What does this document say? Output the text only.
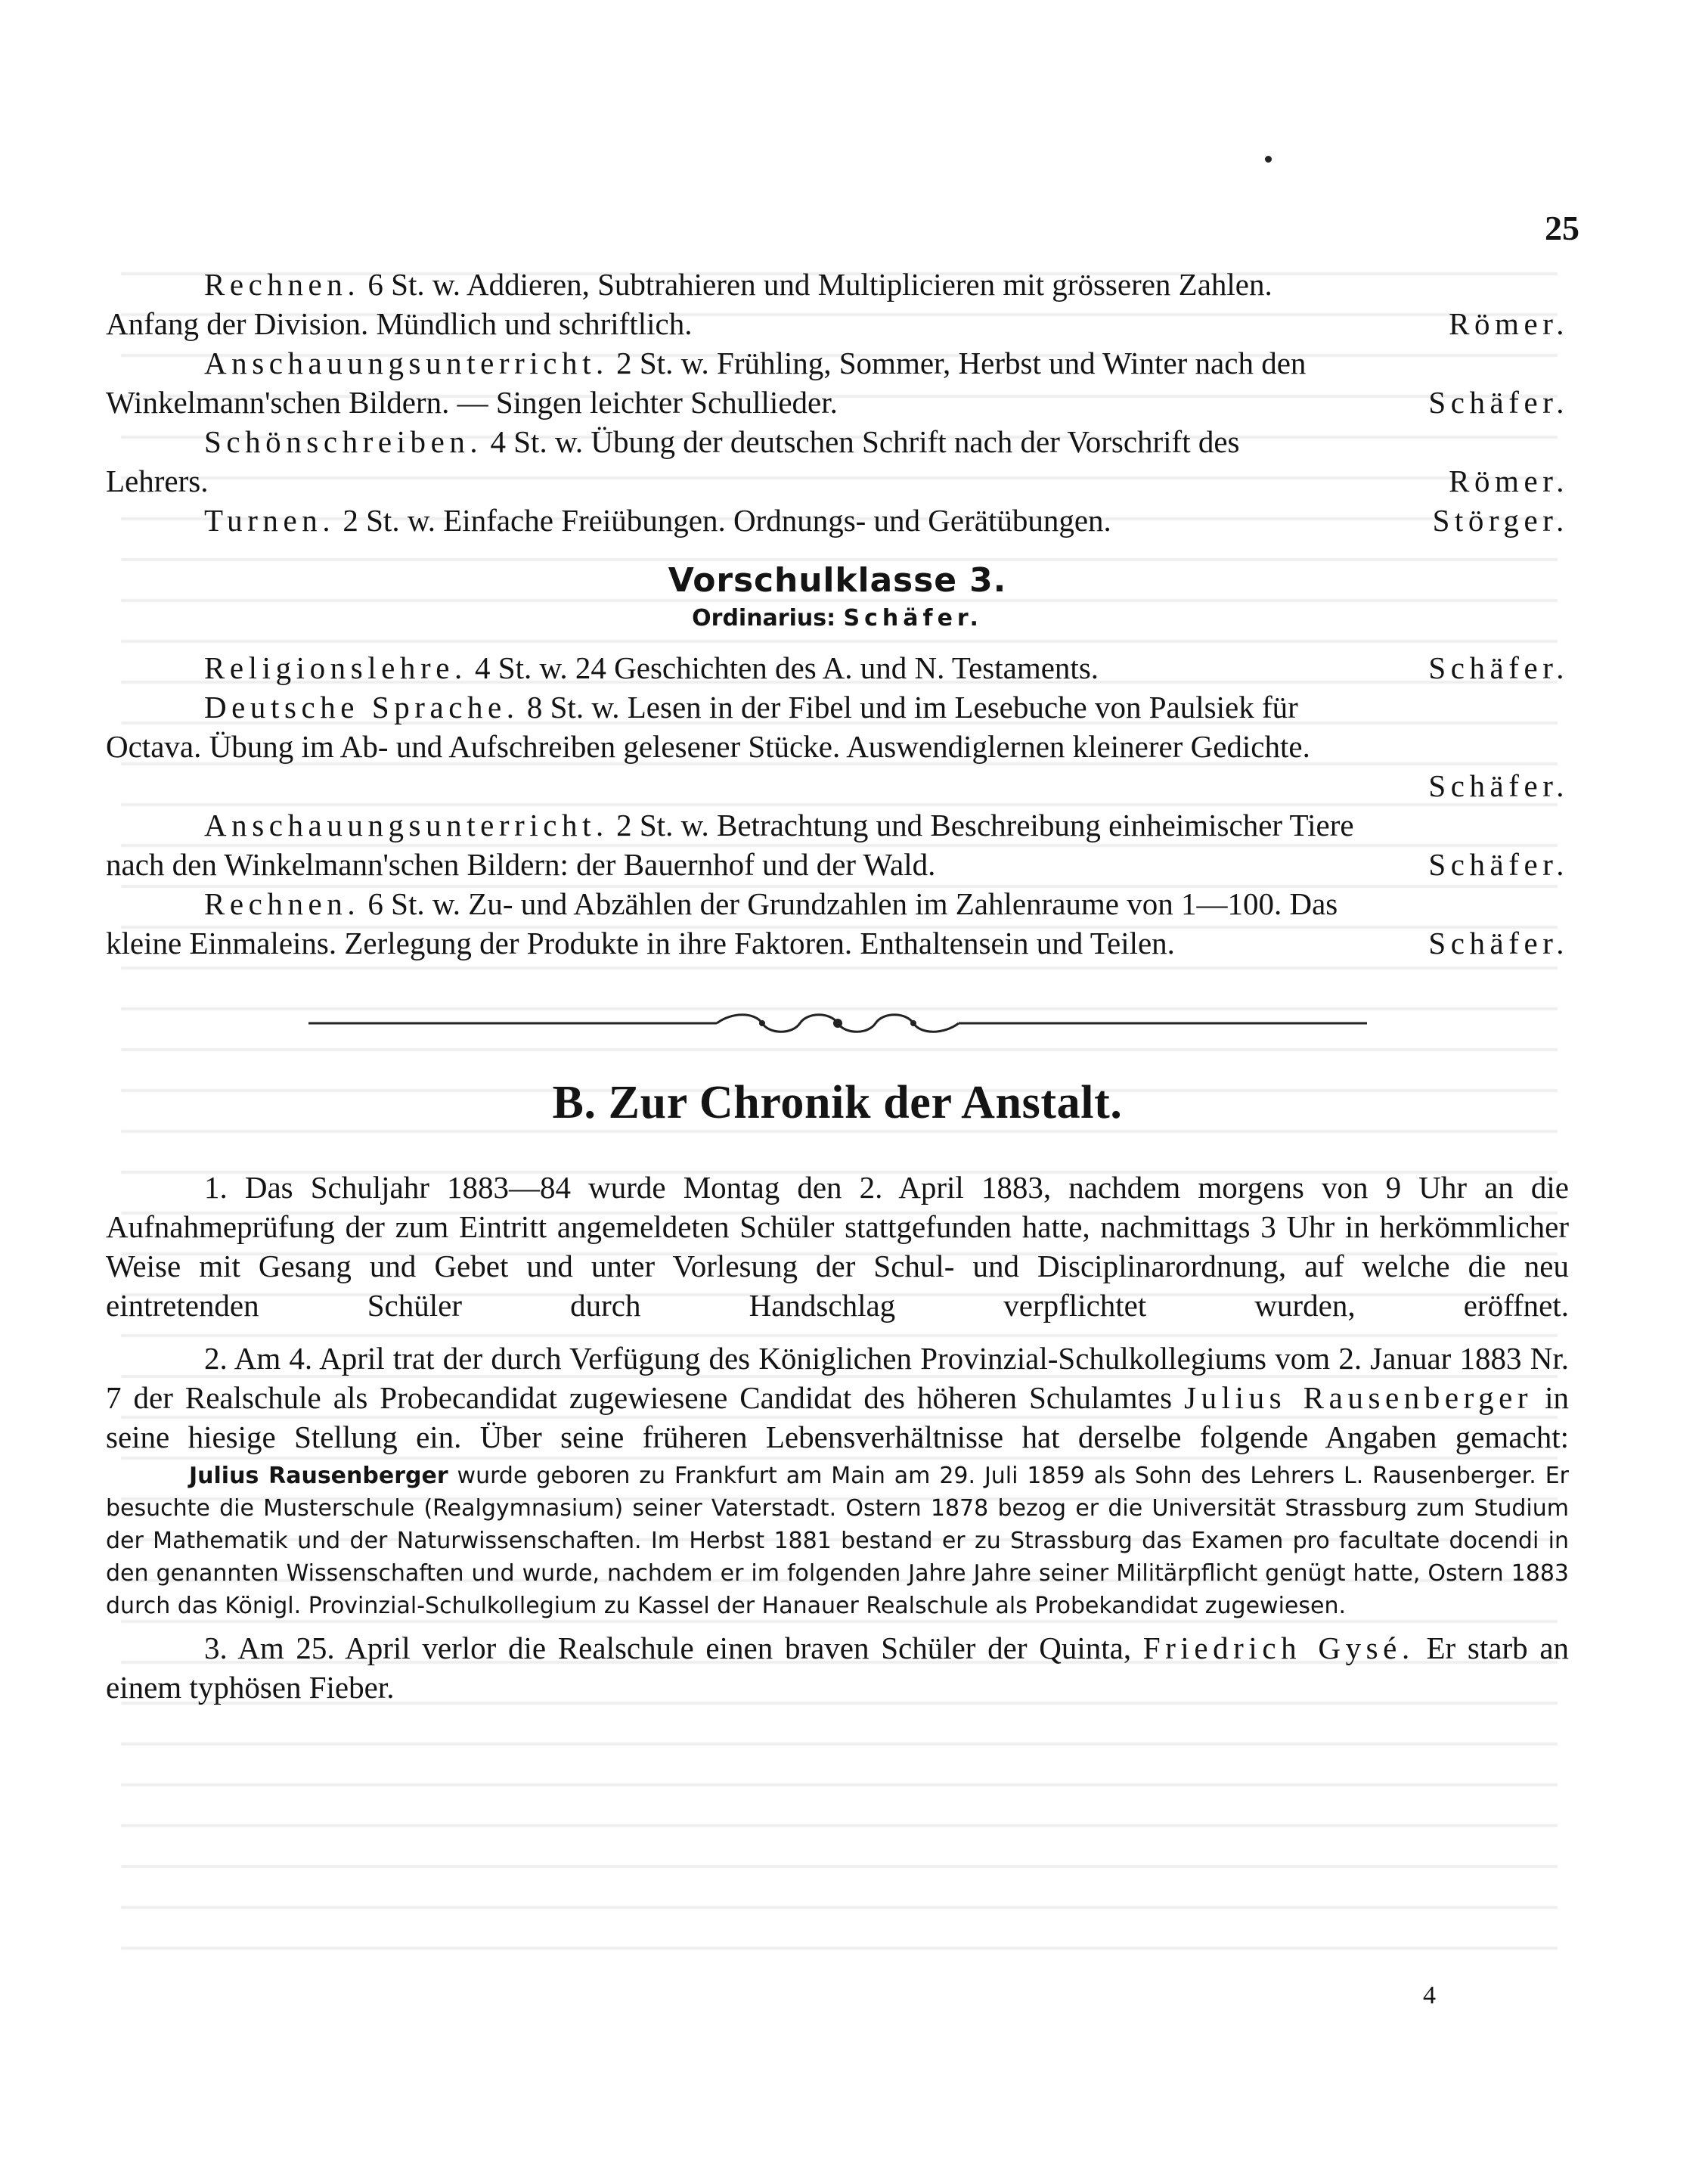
25
Rechnen. 6 St. w. Addieren, Subtrahieren und Multiplicieren mit grösseren Zahlen.
Anfang der Division. Mündlich und schriftlich.	Römer.
Anschauungsunterricht. 2 St. w. Frühling, Sommer, Herbst und Winter nach den
Winkelmann'schen Bildern. — Singen leichter Schullieder.	Schäfer.
Schönschreiben. 4 St. w. Übung der deutschen Schrift nach der Vorschrift des
Lehrers.	Römer.
Turnen. 2 St. w. Einfache Freiübungen. Ordnungs- und Gerätübungen.	Störger.
Vorschulklasse 3.
Ordinarius: Schäfer.
Religionslehre. 4 St. w. 24 Geschichten des A. und N. Testaments.	Schäfer.
Deutsche Sprache. 8 St. w. Lesen in der Fibel und im Lesebuche von Paulsiek für
Octava. Übung im Ab- und Aufschreiben gelesener Stücke. Auswendiglernen kleinerer Gedichte.
Schäfer.
Anschauungsunterricht. 2 St. w. Betrachtung und Beschreibung einheimischer Tiere
nach den Winkelmann'schen Bildern: der Bauernhof und der Wald.	Schäfer.
Rechnen. 6 St. w. Zu- und Abzählen der Grundzahlen im Zahlenraume von 1—100. Das
kleine Einmaleins. Zerlegung der Produkte in ihre Faktoren. Enthaltensein und Teilen.	Schäfer.
B. Zur Chronik der Anstalt.

1. Das Schuljahr 1883—84 wurde Montag den 2. April 1883, nachdem morgens von 9 Uhr an die Aufnahmeprüfung der zum Eintritt angemeldeten Schüler stattgefunden hatte, nachmittags 3 Uhr in herkömmlicher Weise mit Gesang und Gebet und unter Vorlesung der Schul- und Disciplinarordnung, auf welche die neu eintretenden Schüler durch Handschlag verpflichtet wurden, eröffnet.

2. Am 4. April trat der durch Verfügung des Königlichen Provinzial-Schulkollegiums vom 2. Januar 1883 Nr. 7 der Realschule als Probecandidat zugewiesene Candidat des höheren Schulamtes Julius Rausenberger in seine hiesige Stellung ein. Über seine früheren Lebensverhältnisse hat derselbe folgende Angaben gemacht:

Julius Rausenberger wurde geboren zu Frankfurt am Main am 29. Juli 1859 als Sohn des Lehrers L. Rausenberger. Er besuchte die Musterschule (Realgymnasium) seiner Vaterstadt. Ostern 1878 bezog er die Universität Strassburg zum Studium der Mathematik und der Naturwissenschaften. Im Herbst 1881 bestand er zu Strassburg das Examen pro facultate docendi in den genannten Wissenschaften und wurde, nachdem er im folgenden Jahre Jahre seiner Militärpflicht genügt hatte, Ostern 1883 durch das Königl. Provinzial-Schulkollegium zu Kassel der Hanauer Realschule als Probekandidat zugewiesen.

3. Am 25. April verlor die Realschule einen braven Schüler der Quinta, Friedrich Gysé. Er starb an einem typhösen Fieber.

4
